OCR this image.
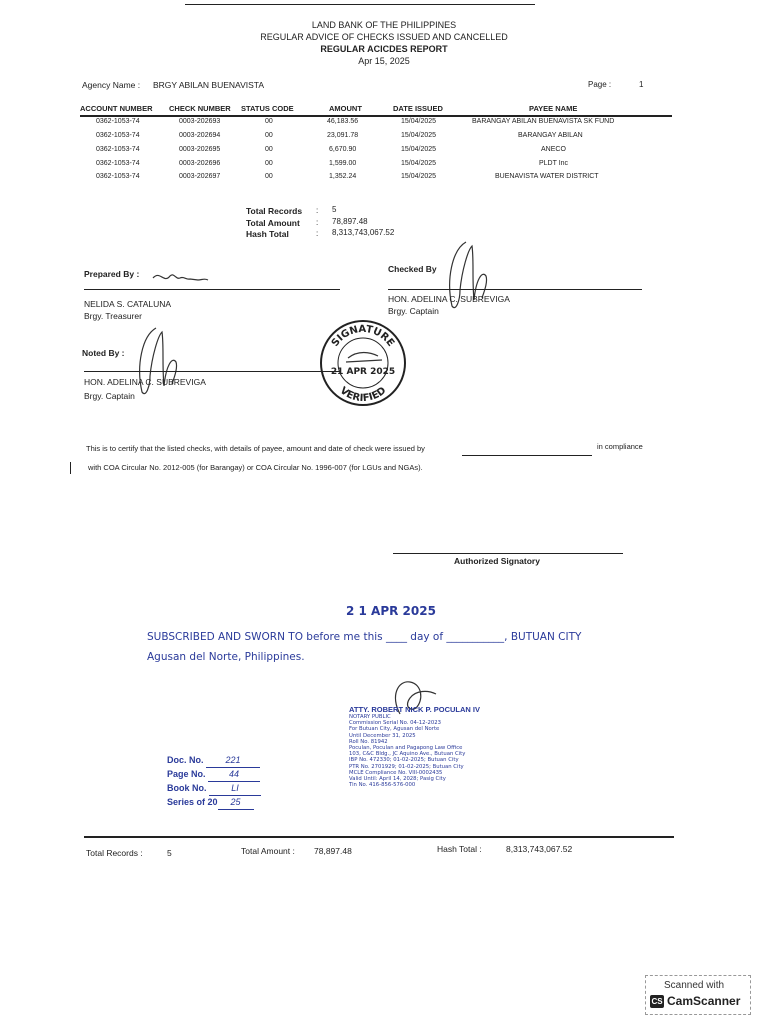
LAND BANK OF THE PHILIPPINES
REGULAR ADVICE OF CHECKS ISSUED AND CANCELLED
REGULAR ACICDES REPORT
Apr 15, 2025
Agency Name : BRGY ABILAN BUENAVISTA	Page :	1
ACCOUNT NUMBER CHECK NUMBER STATUS CODE	AMOUNT	DATE ISSUED	PAYEE NAME
0362-1053-74	0003-202693	00	46,183.56	15/04/2025	BARANGAY ABILAN BUENAVISTA SK FUND
0362-1053-74	0003-202694	00	23,091.78	15/04/2025	BARANGAY ABILAN
0362-1053-74	0003-202695	00	6,670.90	15/04/2025	ANECO
0362-1053-74	0003-202696	00	1,599.00	15/04/2025	PLDT Inc
0362-1053-74	0003-202697	00	1,352.24	15/04/2025	BUENAVISTA WATER DISTRICT
Total Records : 5
Total Amount : 78,897.48
Hash Total	: 8,313,743,067.52
Prepared By :
NELIDA S. CATALUNA
Brgy. Treasurer
Checked By
HON. ADELINA C. SUBREVIGA
Brgy. Captain
Noted By :
HON. ADELINA C. SUBREVIGA
Brgy. Captain
SIGNATURE
VERIFIED
21 APR 2025
This is to certify that the listed checks, with details of payee, amount and date of check were issued by	in compliance
with COA Circular No. 2012-005 (for Barangay) or COA Circular No. 1996-007 (for LGUs and NGAs).
Authorized Signatory
2 1 APR 2025
SUBSCRIBED AND SWORN TO before me this ____ day of ___________, BUTUAN CITY
Agusan del Norte, Philippines.
ATTY. ROBERT NICK P. POCULAN IV
NOTARY PUBLIC
Commission Serial No. 04-12-2023
For Butuan City, Agusan del Norte
Until December 31, 2025
Roll No. 81942
Poculan, Poculan and Pagapong Law Office
103, C&C Bldg., JC Aquino Ave., Butuan City
IBP No. 472330; 01-02-2025; Butuan City
PTR No. 2701929; 01-02-2025; Butuan City
MCLE Compliance No. VIII-0002435
Valid Until: April 14, 2028; Pasig City
Tin No. 416-856-576-000
Doc. No. 221
Page No.	44
Book No.	LI
Series of 20 25
Total Records :	5	Total Amount : 78,897.48	Hash Total :	8,313,743,067.52
Scanned with
CS CamScanner
